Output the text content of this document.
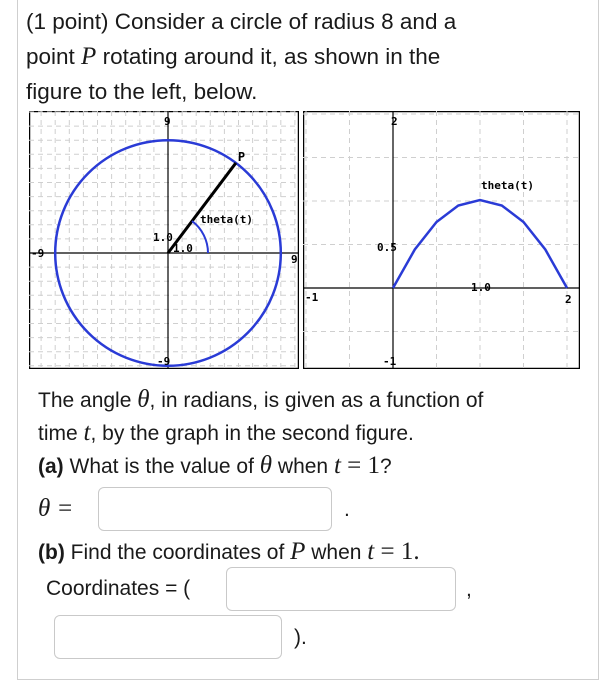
(1 point) Consider a circle of radius 8 and a
point P rotating around it, as shown in the
figure to the left, below.
9
-9
-9	9
P
theta(t)
1.0
1.0
2
-1
-1	2
theta(t)
0.5
1.0
The angle θ, in radians, is given as a function of
time t, by the graph in the second figure.
(a) What is the value of θ when t = 1?
θ =	.
(b) Find the coordinates of P when t = 1.
Coordinates = (	,
).
